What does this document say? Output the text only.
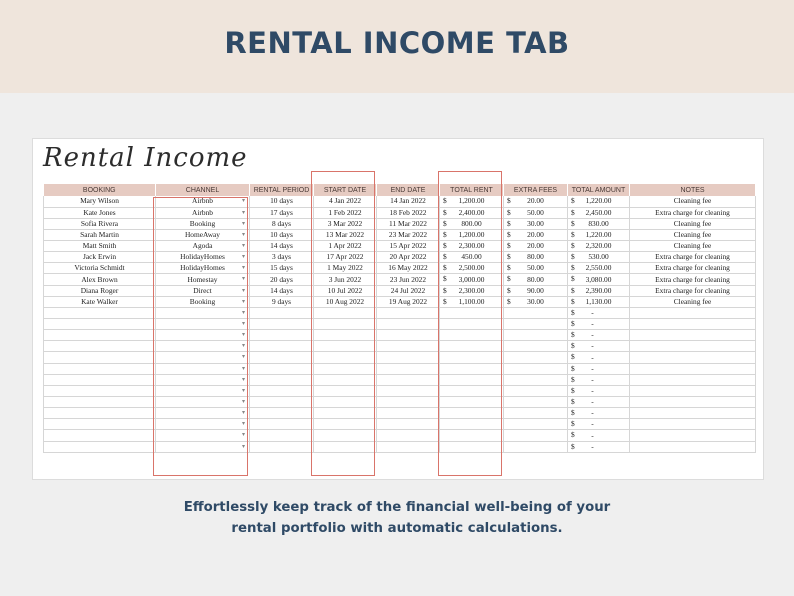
RENTAL INCOME TAB
Rental Income
BOOKING	CHANNEL	RENTAL PERIOD	START DATE	END DATE	TOTAL RENT	EXTRA FEES	TOTAL AMOUNT	NOTES
Mary Wilson	Airbnb ▾	10 days	4 Jan 2022	14 Jan 2022	$ 1,200.00	$ 20.00	$ 1,220.00	Cleaning fee
Kate Jones	Airbnb ▾	17 days	1 Feb 2022	18 Feb 2022	$ 2,400.00	$ 50.00	$ 2,450.00	Extra charge for cleaning
Sofia Rivera	Booking ▾	8 days	3 Mar 2022	11 Mar 2022	$ 800.00	$ 30.00	$ 830.00	Cleaning fee
Sarah Martin	HomeAway ▾	10 days	13 Mar 2022	23 Mar 2022	$ 1,200.00	$ 20.00	$ 1,220.00	Cleaning fee
Matt Smith	Agoda ▾	14 days	1 Apr 2022	15 Apr 2022	$ 2,300.00	$ 20.00	$ 2,320.00	Cleaning fee
Jack Erwin	HolidayHomes ▾	3 days	17 Apr 2022	20 Apr 2022	$ 450.00	$ 80.00	$ 530.00	Extra charge for cleaning
Victoria Schmidt	HolidayHomes ▾	15 days	1 May 2022	16 May 2022	$ 2,500.00	$ 50.00	$ 2,550.00	Extra charge for cleaning
Alex Brown	Homestay ▾	20 days	3 Jun 2022	23 Jun 2022	$ 3,000.00	$ 80.00	$ 3,080.00	Extra charge for cleaning
Diana Roger	Direct ▾	14 days	10 Jul 2022	24 Jul 2022	$ 2,300.00	$ 90.00	$ 2,390.00	Extra charge for cleaning
Kate Walker	Booking ▾	9 days	10 Aug 2022	19 Aug 2022	$ 1,100.00	$ 30.00	$ 1,130.00	Cleaning fee

	▾						$ -	

	▾						$ -	

	▾						$ -	

	▾						$ -	

	▾						$ -	

	▾						$ -	

	▾						$ -	

	▾						$ -	

	▾						$ -	

	▾						$ -	

	▾						$ -	

	▾						$ -	

	▾						$ -	
Effortlessly keep track of the financial well-being of your
rental portfolio with automatic calculations.
